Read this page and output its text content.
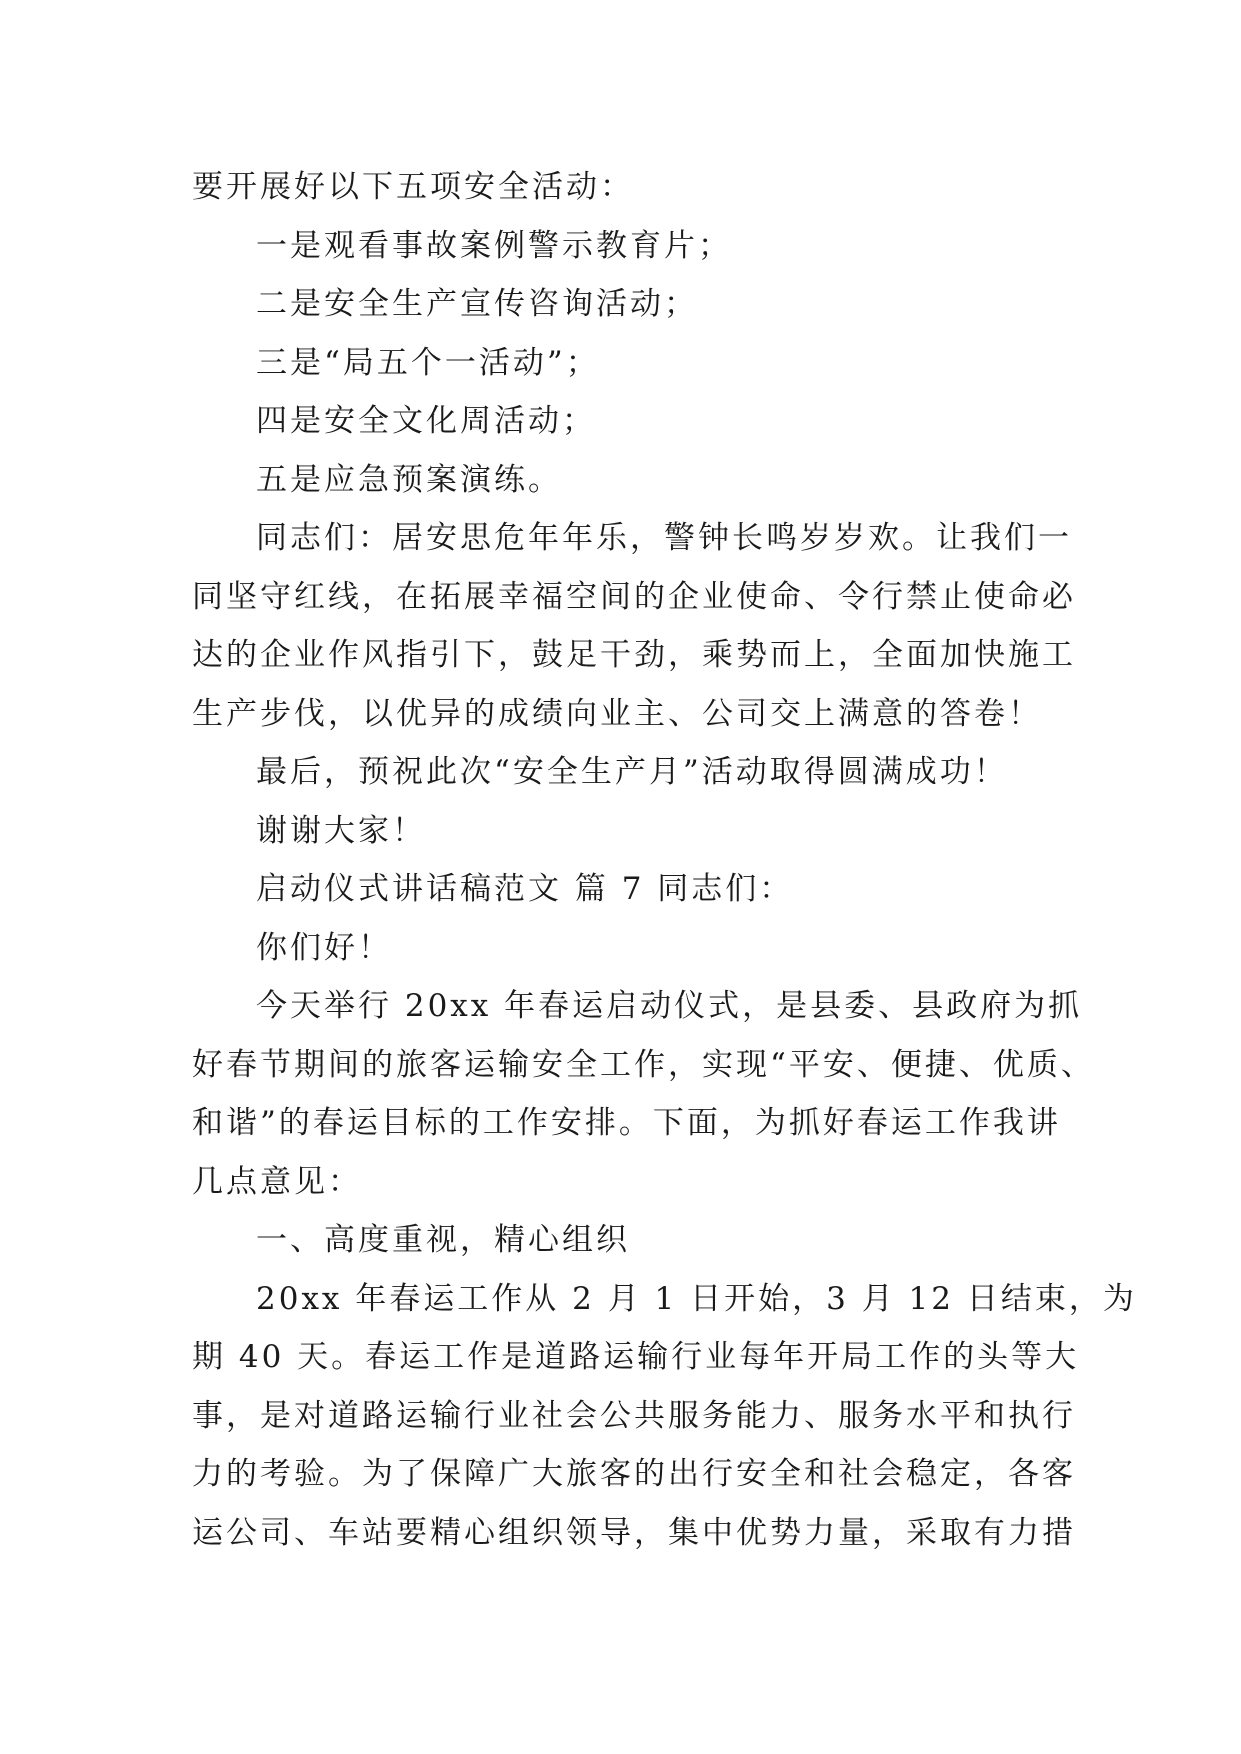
要开展好以下五项安全活动：
一是观看事故案例警示教育片；
二是安全生产宣传咨询活动；
三是“局五个一活动”；
四是安全文化周活动；
五是应急预案演练。
同志们：居安思危年年乐，警钟长鸣岁岁欢。让我们一
同坚守红线，在拓展幸福空间的企业使命、令行禁止使命必
达的企业作风指引下，鼓足干劲，乘势而上，全面加快施工
生产步伐，以优异的成绩向业主、公司交上满意的答卷！
最后，预祝此次“安全生产月”活动取得圆满成功！
谢谢大家！
启动仪式讲话稿范文 篇 7 同志们：
你们好！
今天举行 20xx 年春运启动仪式，是县委、县政府为抓
好春节期间的旅客运输安全工作，实现“平安、便捷、优质、
和谐”的春运目标的工作安排。下面，为抓好春运工作我讲
几点意见：
一、高度重视，精心组织
20xx 年春运工作从 2 月 1 日开始，3 月 12 日结束，为
期 40 天。春运工作是道路运输行业每年开局工作的头等大
事，是对道路运输行业社会公共服务能力、服务水平和执行
力的考验。为了保障广大旅客的出行安全和社会稳定，各客
运公司、车站要精心组织领导，集中优势力量，采取有力措
